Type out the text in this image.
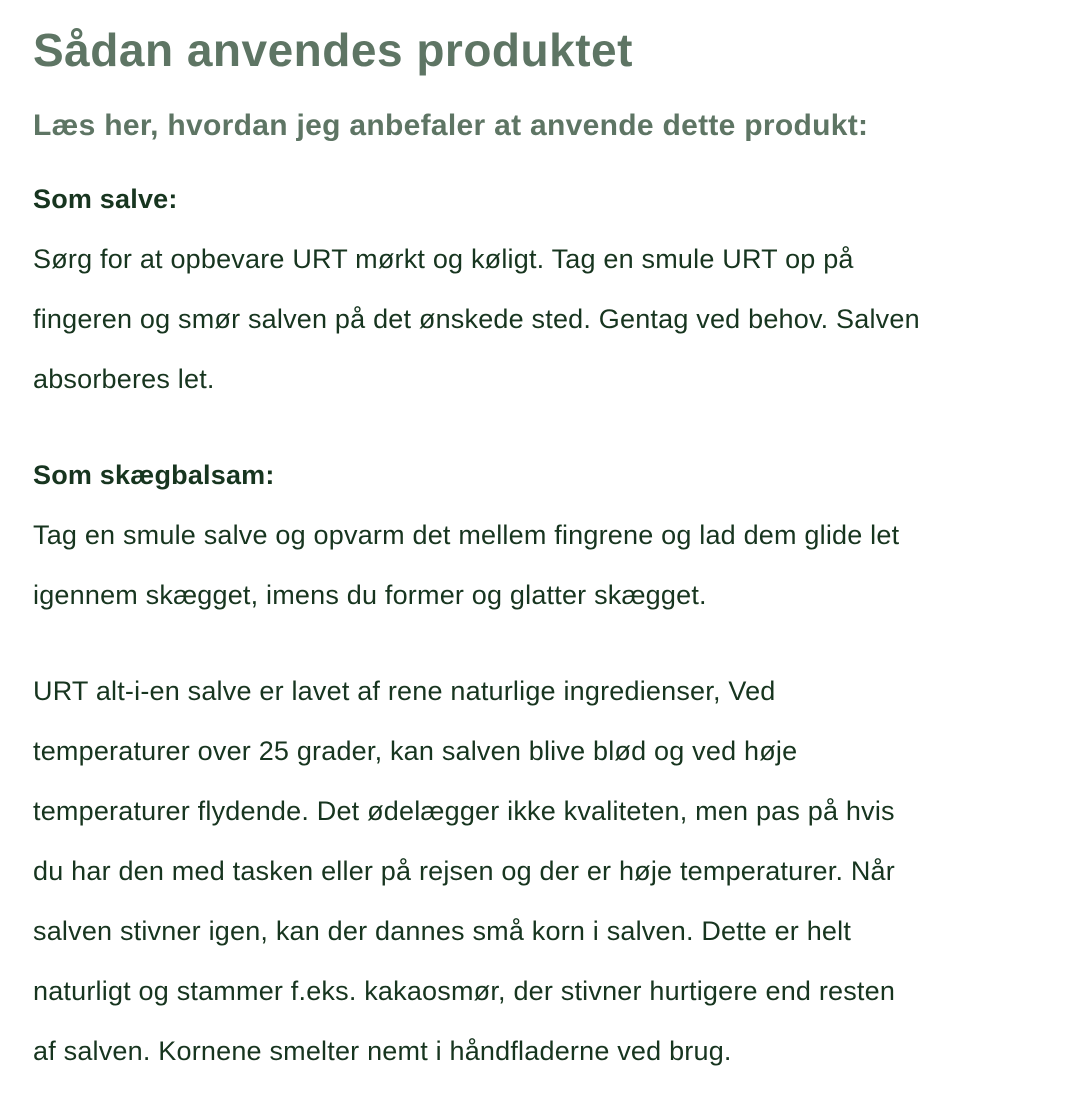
Sådan anvendes produktet
Læs her, hvordan jeg anbefaler at anvende dette produkt:
Som salve:
Sørg for at opbevare URT mørkt og køligt. Tag en smule URT op på
fingeren og smør salven på det ønskede sted. Gentag ved behov. Salven
absorberes let.
Som skægbalsam:
Tag en smule salve og opvarm det mellem fingrene og lad dem glide let
igennem skægget, imens du former og glatter skægget.
URT alt-i-en salve er lavet af rene naturlige ingredienser, Ved
temperaturer over 25 grader, kan salven blive blød og ved høje
temperaturer flydende. Det ødelægger ikke kvaliteten, men pas på hvis
du har den med tasken eller på rejsen og der er høje temperaturer. Når
salven stivner igen, kan der dannes små korn i salven. Dette er helt
naturligt og stammer f.eks. kakaosmør, der stivner hurtigere end resten
af salven. Kornene smelter nemt i håndfladerne ved brug.
